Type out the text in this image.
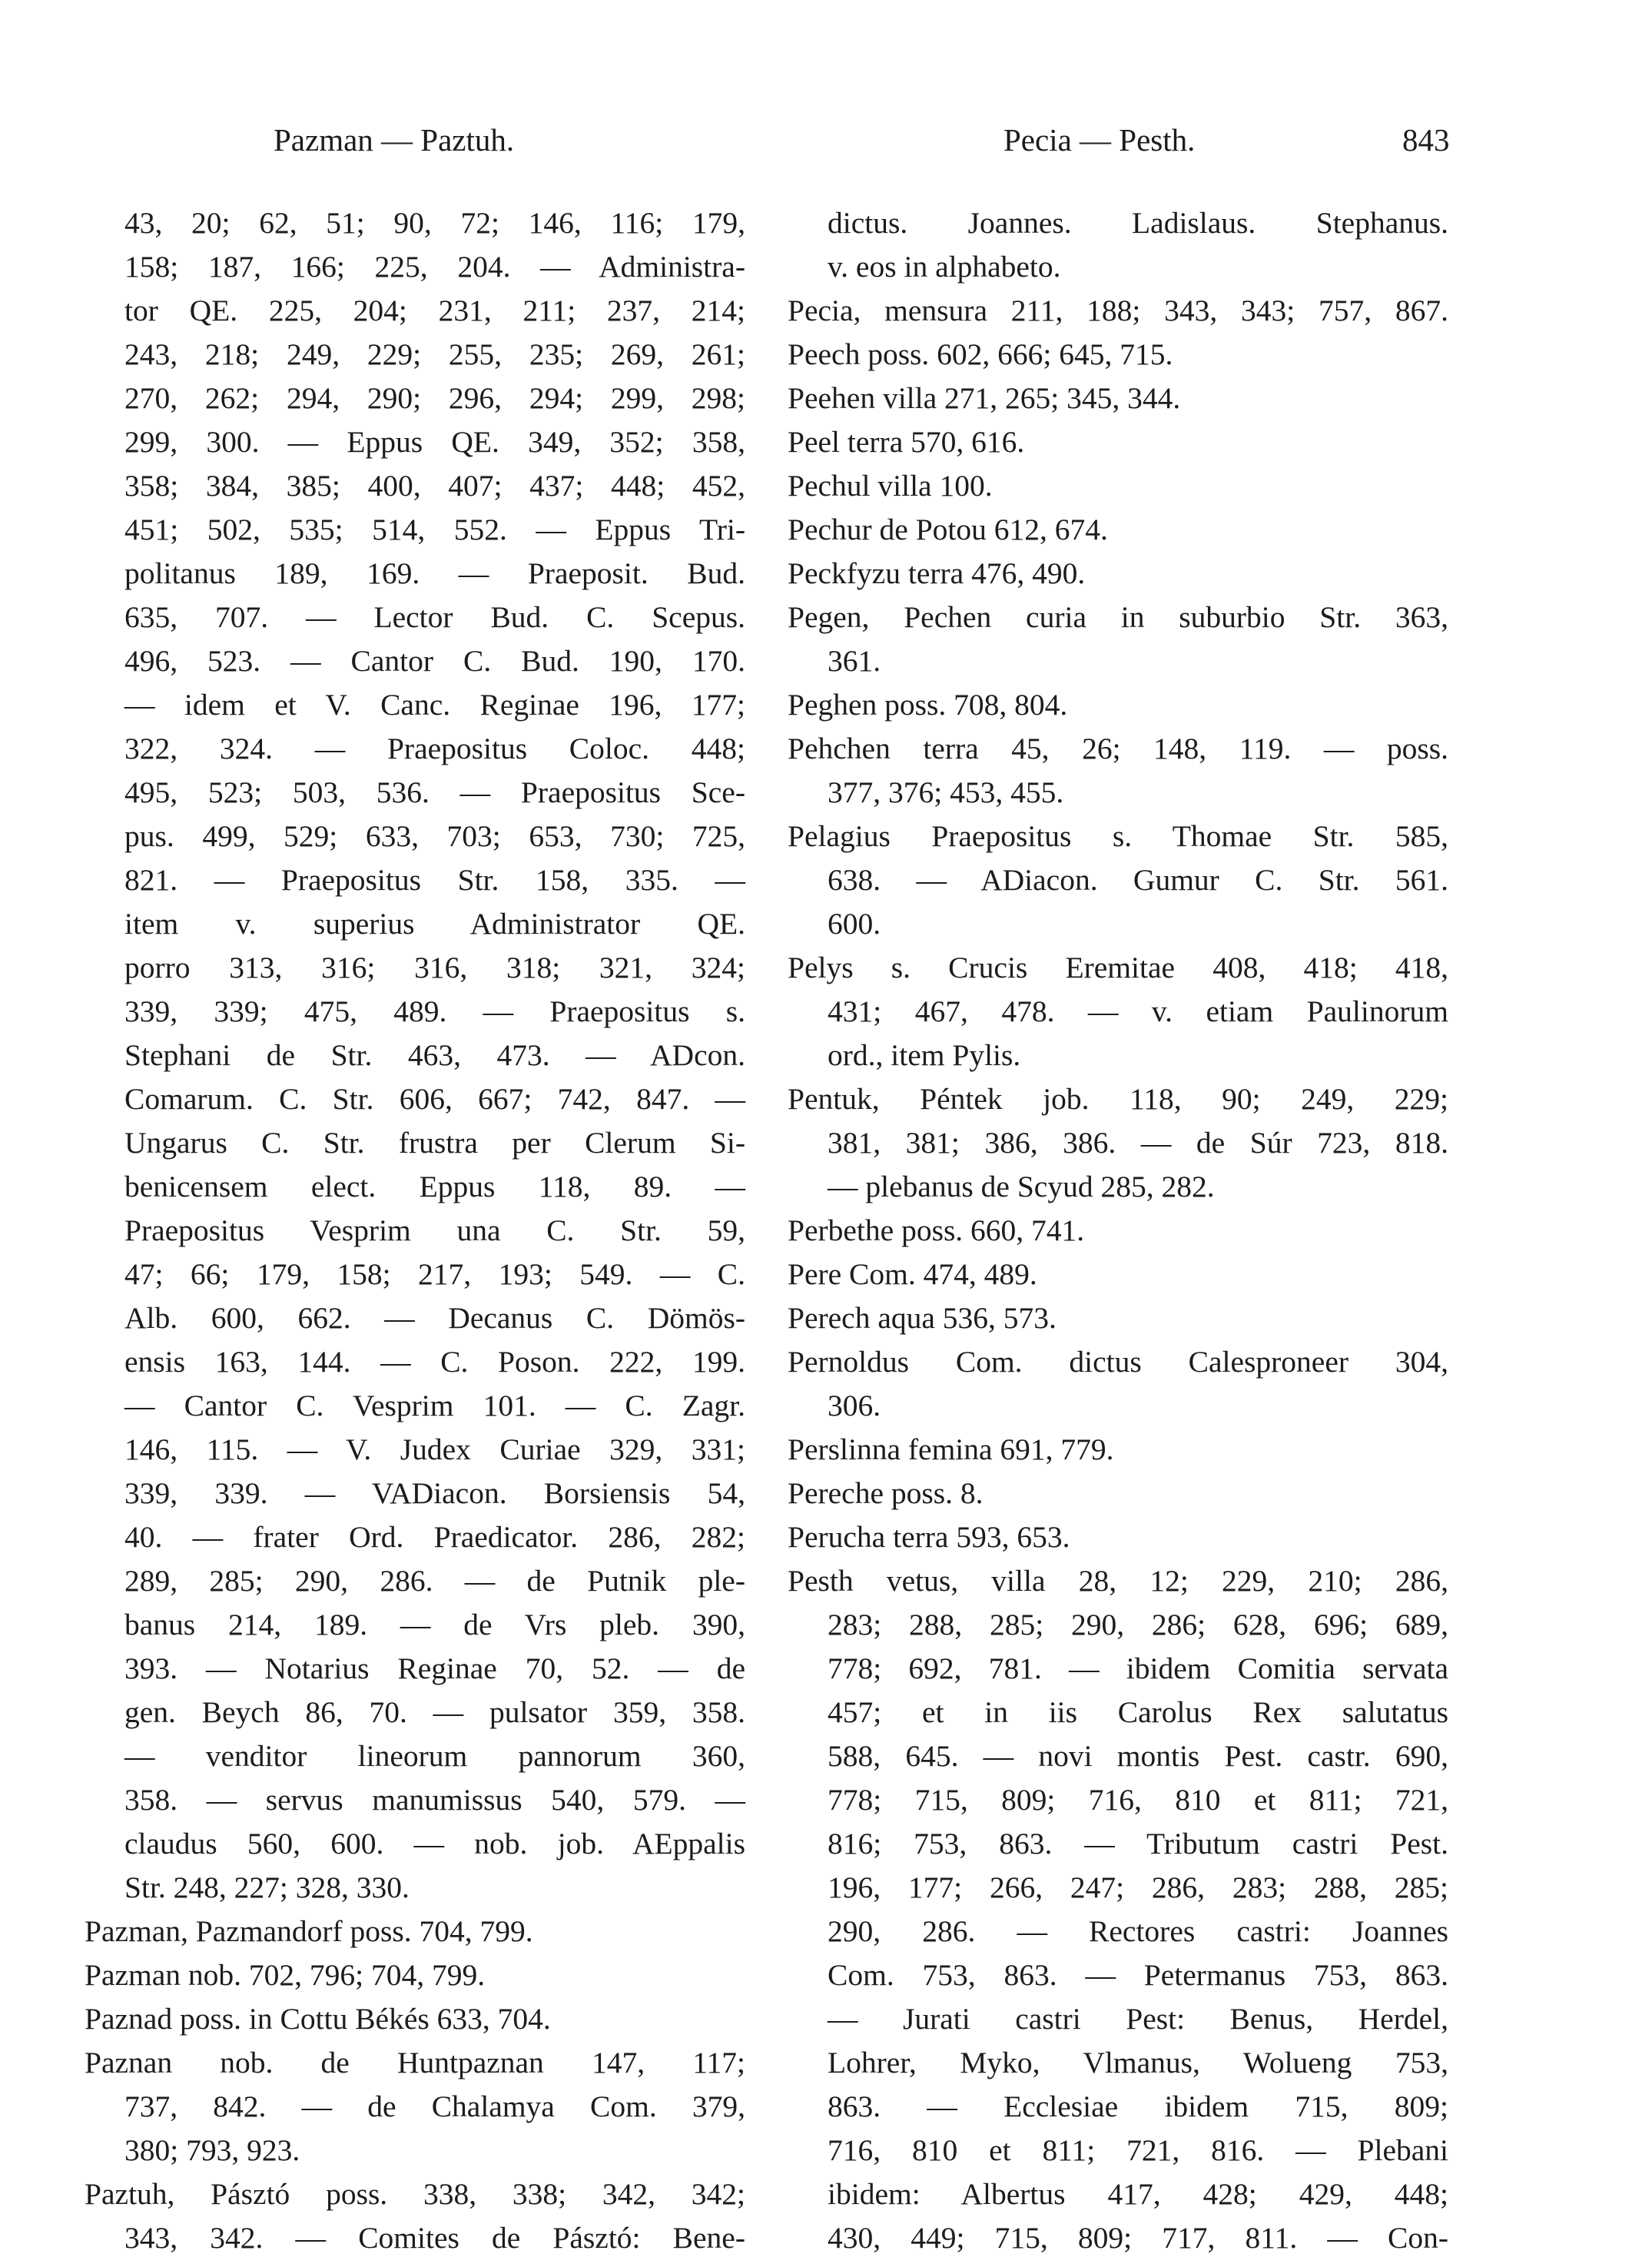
Pazman — Paztuh.	Pecia — Pesth.	843
43, 20; 62, 51; 90, 72; 146, 116; 179,
158; 187, 166; 225, 204. — Administra-
tor QE. 225, 204; 231, 211; 237, 214;
243, 218; 249, 229; 255, 235; 269, 261;
270, 262; 294, 290; 296, 294; 299, 298;
299, 300. — Eppus QE. 349, 352; 358,
358; 384, 385; 400, 407; 437; 448; 452,
451; 502, 535; 514, 552. — Eppus Tri-
politanus 189, 169. — Praeposit. Bud.
635, 707. — Lector Bud. C. Scepus.
496, 523. — Cantor C. Bud. 190, 170.
— idem et V. Canc. Reginae 196, 177;
322, 324. — Praepositus Coloc. 448;
495, 523; 503, 536. — Praepositus Sce-
pus. 499, 529; 633, 703; 653, 730; 725,
821. — Praepositus Str. 158, 335. —
item v. superius Administrator QE.
porro 313, 316; 316, 318; 321, 324;
339, 339; 475, 489. — Praepositus s.
Stephani de Str. 463, 473. — ADcon.
Comarum. C. Str. 606, 667; 742, 847. —
Ungarus C. Str. frustra per Clerum Si-
benicensem elect. Eppus 118, 89. —
Praepositus Vesprim una C. Str. 59,
47; 66; 179, 158; 217, 193; 549. — C.
Alb. 600, 662. — Decanus C. Dömös-
ensis 163, 144. — C. Poson. 222, 199.
— Cantor C. Vesprim 101. — C. Zagr.
146, 115. — V. Judex Curiae 329, 331;
339, 339. — VADiacon. Borsiensis 54,
40. — frater Ord. Praedicator. 286, 282;
289, 285; 290, 286. — de Putnik ple-
banus 214, 189. — de Vrs pleb. 390,
393. — Notarius Reginae 70, 52. — de
gen. Beych 86, 70. — pulsator 359, 358.
— venditor lineorum pannorum 360,
358. — servus manumissus 540, 579. —
claudus 560, 600. — nob. job. AEppalis
Str. 248, 227; 328, 330.
Pazman, Pazmandorf poss. 704, 799.
Pazman nob. 702, 796; 704, 799.
Paznad poss. in Cottu Békés 633, 704.
Paznan nob. de Huntpaznan 147, 117;
737, 842. — de Chalamya Com. 379,
380; 793, 923.
Paztuh, Pásztó poss. 338, 338; 342, 342;
343, 342. — Comites de Pásztó: Bene-
dictus. Joannes. Ladislaus. Stephanus.
v. eos in alphabeto.
Pecia, mensura 211, 188; 343, 343; 757, 867.
Peech poss. 602, 666; 645, 715.
Peehen villa 271, 265; 345, 344.
Peel terra 570, 616.
Pechul villa 100.
Pechur de Potou 612, 674.
Peckfyzu terra 476, 490.
Pegen, Pechen curia in suburbio Str. 363,
361.
Peghen poss. 708, 804.
Pehchen terra 45, 26; 148, 119. — poss.
377, 376; 453, 455.
Pelagius Praepositus s. Thomae Str. 585,
638. — ADiacon. Gumur C. Str. 561.
600.
Pelys s. Crucis Eremitae 408, 418; 418,
431; 467, 478. — v. etiam Paulinorum
ord., item Pylis.
Pentuk, Péntek job. 118, 90; 249, 229;
381, 381; 386, 386. — de Súr 723, 818.
— plebanus de Scyud 285, 282.
Perbethe poss. 660, 741.
Pere Com. 474, 489.
Perech aqua 536, 573.
Pernoldus Com. dictus Calesproneer 304,
306.
Perslinna femina 691, 779.
Pereche poss. 8.
Perucha terra 593, 653.
Pesth vetus, villa 28, 12; 229, 210; 286,
283; 288, 285; 290, 286; 628, 696; 689,
778; 692, 781. — ibidem Comitia servata
457; et in iis Carolus Rex salutatus
588, 645. — novi montis Pest. castr. 690,
778; 715, 809; 716, 810 et 811; 721,
816; 753, 863. — Tributum castri Pest.
196, 177; 266, 247; 286, 283; 288, 285;
290, 286. — Rectores castri: Joannes
Com. 753, 863. — Petermanus 753, 863.
— Jurati castri Pest: Benus, Herdel,
Lohrer, Myko, Vlmanus, Wolueng 753,
863. — Ecclesiae ibidem 715, 809;
716, 810 et 811; 721, 816. — Plebani
ibidem: Albertus 417, 428; 429, 448;
430, 449; 715, 809; 717, 811. — Con-
